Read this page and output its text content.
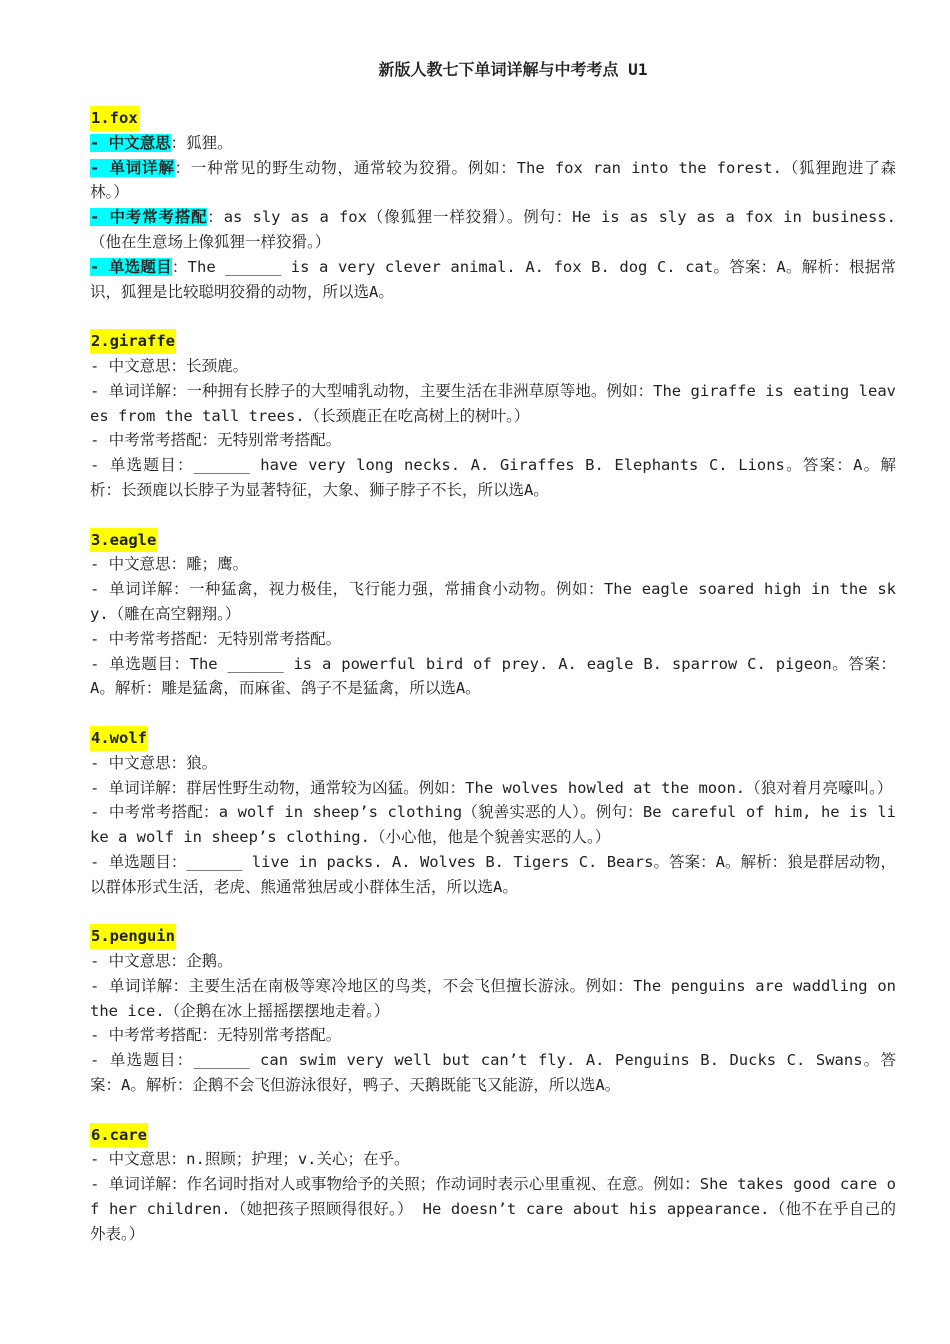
新版人教七下单词详解与中考考点 U1
1.fox
- 中文意思：狐狸。
- 单词详解：一种常见的野生动物，通常较为狡猾。例如：The fox ran into the forest.（狐狸跑进了森林。）
- 中考常考搭配：as sly as a fox（像狐狸一样狡猾）。例句：He is as sly as a fox in business.（他在生意场上像狐狸一样狡猾。）
- 单选题目：The ______ is a very clever animal. A. fox B. dog C. cat。答案：A。解析：根据常识，狐狸是比较聪明狡猾的动物，所以选A。
2.giraffe
- 中文意思：长颈鹿。
- 单词详解：一种拥有长脖子的大型哺乳动物，主要生活在非洲草原等地。例如：The giraffe is eating leaves from the tall trees.（长颈鹿正在吃高树上的树叶。）
- 中考常考搭配：无特别常考搭配。
- 单选题目：______ have very long necks. A. Giraffes B. Elephants C. Lions。答案：A。解析：长颈鹿以长脖子为显著特征，大象、狮子脖子不长，所以选A。
3.eagle
- 中文意思：雕；鹰。
- 单词详解：一种猛禽，视力极佳，飞行能力强，常捕食小动物。例如：The eagle soared high in the sky.（雕在高空翱翔。）
- 中考常考搭配：无特别常考搭配。
- 单选题目：The ______ is a powerful bird of prey. A. eagle B. sparrow C. pigeon。答案：A。解析：雕是猛禽，而麻雀、鸽子不是猛禽，所以选A。
4.wolf
- 中文意思：狼。
- 单词详解：群居性野生动物，通常较为凶猛。例如：The wolves howled at the moon.（狼对着月亮嚎叫。）
- 中考常考搭配：a wolf in sheep’s clothing（貌善实恶的人）。例句：Be careful of him, he is like a wolf in sheep’s clothing.（小心他，他是个貌善实恶的人。）
- 单选题目：______ live in packs. A. Wolves B. Tigers C. Bears。答案：A。解析：狼是群居动物，以群体形式生活，老虎、熊通常独居或小群体生活，所以选A。
5.penguin
- 中文意思：企鹅。
- 单词详解：主要生活在南极等寒冷地区的鸟类，不会飞但擅长游泳。例如：The penguins are waddling on the ice.（企鹅在冰上摇摇摆摆地走着。）
- 中考常考搭配：无特别常考搭配。
- 单选题目：______ can swim very well but can’t fly. A. Penguins B. Ducks C. Swans。答案：A。解析：企鹅不会飞但游泳很好，鸭子、天鹅既能飞又能游，所以选A。
6.care
- 中文意思：n.照顾；护理；v.关心；在乎。
- 单词详解：作名词时指对人或事物给予的关照；作动词时表示心里重视、在意。例如：She takes good care of her children.（她把孩子照顾得很好。） He doesn’t care about his appearance.（他不在乎自己的外表。）
